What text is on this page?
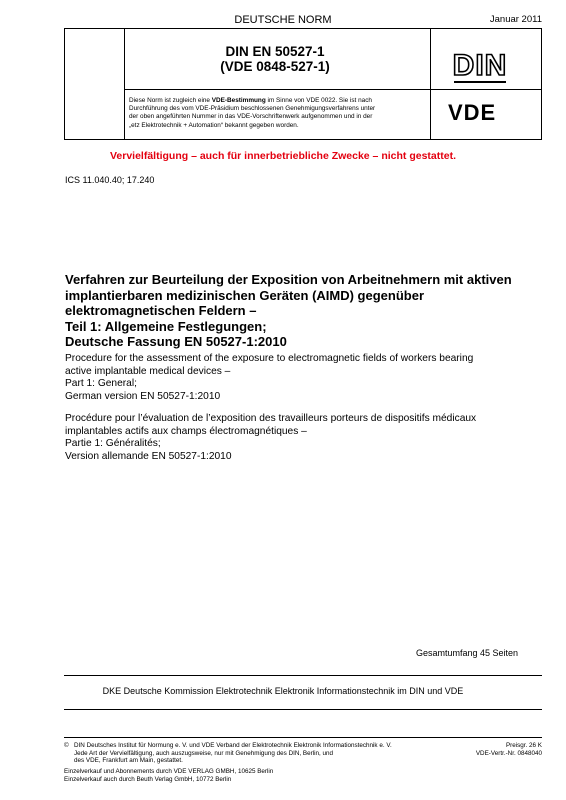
DEUTSCHE NORM	Januar 2011
DIN EN 50527-1
(VDE 0848-527-1)
Diese Norm ist zugleich eine VDE-Bestimmung im Sinne von VDE 0022. Sie ist nach
Durchführung des vom VDE-Präsidium beschlossenen Genehmigungsverfahrens unter
der oben angeführten Nummer in das VDE-Vorschriftenwerk aufgenommen und in der
„etz Elektrotechnik + Automation“ bekannt gegeben worden.
DIN
VDE
Vervielfältigung – auch für innerbetriebliche Zwecke – nicht gestattet.
ICS 11.040.40; 17.240
Verfahren zur Beurteilung der Exposition von Arbeitnehmern mit aktiven
implantierbaren medizinischen Geräten (AIMD) gegenüber
elektromagnetischen Feldern –
Teil 1: Allgemeine Festlegungen;
Deutsche Fassung EN 50527-1:2010
Procedure for the assessment of the exposure to electromagnetic fields of workers bearing
active implantable medical devices –
Part 1: General;
German version EN 50527-1:2010
Procédure pour l’évaluation de l’exposition des travailleurs porteurs de dispositifs médicaux
implantables actifs aux champs électromagnétiques –
Partie 1: Généralités;
Version allemande EN 50527-1:2010
Gesamtumfang 45 Seiten
DKE Deutsche Kommission Elektrotechnik Elektronik Informationstechnik im DIN und VDE
© DIN Deutsches Institut für Normung e. V. und VDE Verband der Elektrotechnik Elektronik Informationstechnik e. V.
Jede Art der Vervielfältigung, auch auszugsweise, nur mit Genehmigung des DIN, Berlin, und
des VDE, Frankfurt am Main, gestattet.
Einzelverkauf und Abonnements durch VDE VERLAG GMBH, 10625 Berlin
Einzelverkauf auch durch Beuth Verlag GmbH, 10772 Berlin
Preisgr. 26 K
VDE-Vertr.-Nr. 0848040
